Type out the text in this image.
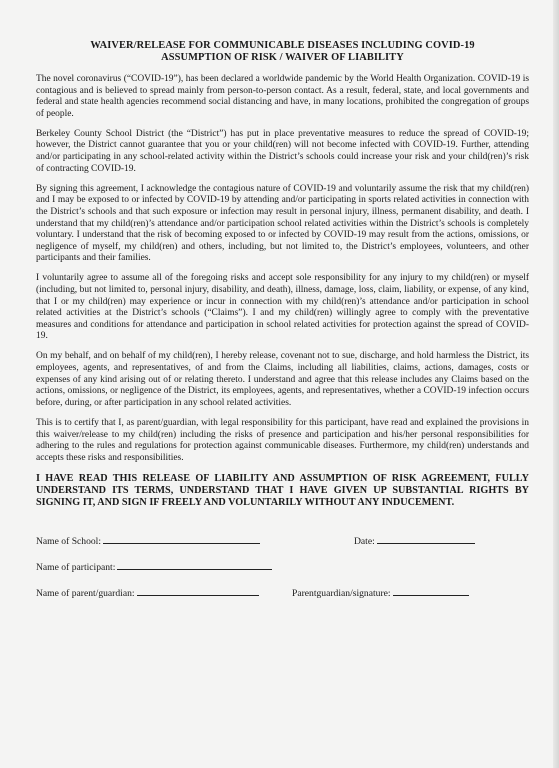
WAIVER/RELEASE FOR COMMUNICABLE DISEASES INCLUDING COVID-19
ASSUMPTION OF RISK / WAIVER OF LIABILITY

The novel coronavirus (“COVID-19”), has been declared a worldwide pandemic by the World Health Organization. COVID-19 is contagious and is believed to spread mainly from person-to-person contact. As a result, federal, state, and local governments and federal and state health agencies recommend social distancing and have, in many locations, prohibited the congregation of groups of people.

Berkeley County School District (the “District”) has put in place preventative measures to reduce the spread of COVID-19; however, the District cannot guarantee that you or your child(ren) will not become infected with COVID-19. Further, attending and/or participating in any school-related activity within the District’s schools could increase your risk and your child(ren)’s risk of contracting COVID-19.

By signing this agreement, I acknowledge the contagious nature of COVID-19 and voluntarily assume the risk that my child(ren) and I may be exposed to or infected by COVID-19 by attending and/or participating in sports related activities in connection with the District’s schools and that such exposure or infection may result in personal injury, illness, permanent disability, and death. I understand that my child(ren)’s attendance and/or participation school related activities within the District’s schools is completely voluntary. I understand that the risk of becoming exposed to or infected by COVID-19 may result from the actions, omissions, or negligence of myself, my child(ren) and others, including, but not limited to, the District’s employees, volunteers, and other participants and their families.

I voluntarily agree to assume all of the foregoing risks and accept sole responsibility for any injury to my child(ren) or myself (including, but not limited to, personal injury, disability, and death), illness, damage, loss, claim, liability, or expense, of any kind, that I or my child(ren) may experience or incur in connection with my child(ren)’s attendance and/or participation in school related activities at the District’s schools (“Claims”). I and my child(ren) willingly agree to comply with the preventative measures and conditions for attendance and participation in school related activities for protection against the spread of COVID-19.

On my behalf, and on behalf of my child(ren), I hereby release, covenant not to sue, discharge, and hold harmless the District, its employees, agents, and representatives, of and from the Claims, including all liabilities, claims, actions, damages, costs or expenses of any kind arising out of or relating thereto. I understand and agree that this release includes any Claims based on the actions, omissions, or negligence of the District, its employees, agents, and representatives, whether a COVID-19 infection occurs before, during, or after participation in any school related activities.

This is to certify that I, as parent/guardian, with legal responsibility for this participant, have read and explained the provisions in this waiver/release to my child(ren) including the risks of presence and participation and his/her personal responsibilities for adhering to the rules and regulations for protection against communicable diseases. Furthermore, my child(ren) understands and accepts these risks and responsibilities.

I HAVE READ THIS RELEASE OF LIABILITY AND ASSUMPTION OF RISK AGREEMENT, FULLY UNDERSTAND ITS TERMS, UNDERSTAND THAT I HAVE GIVEN UP SUBSTANTIAL RIGHTS BY SIGNING IT, AND SIGN IF FREELY AND VOLUNTARILY WITHOUT ANY INDUCEMENT.

Name of School:	Date:
Name of participant:
Name of parent/guardian:	Parentguardian/signature:
